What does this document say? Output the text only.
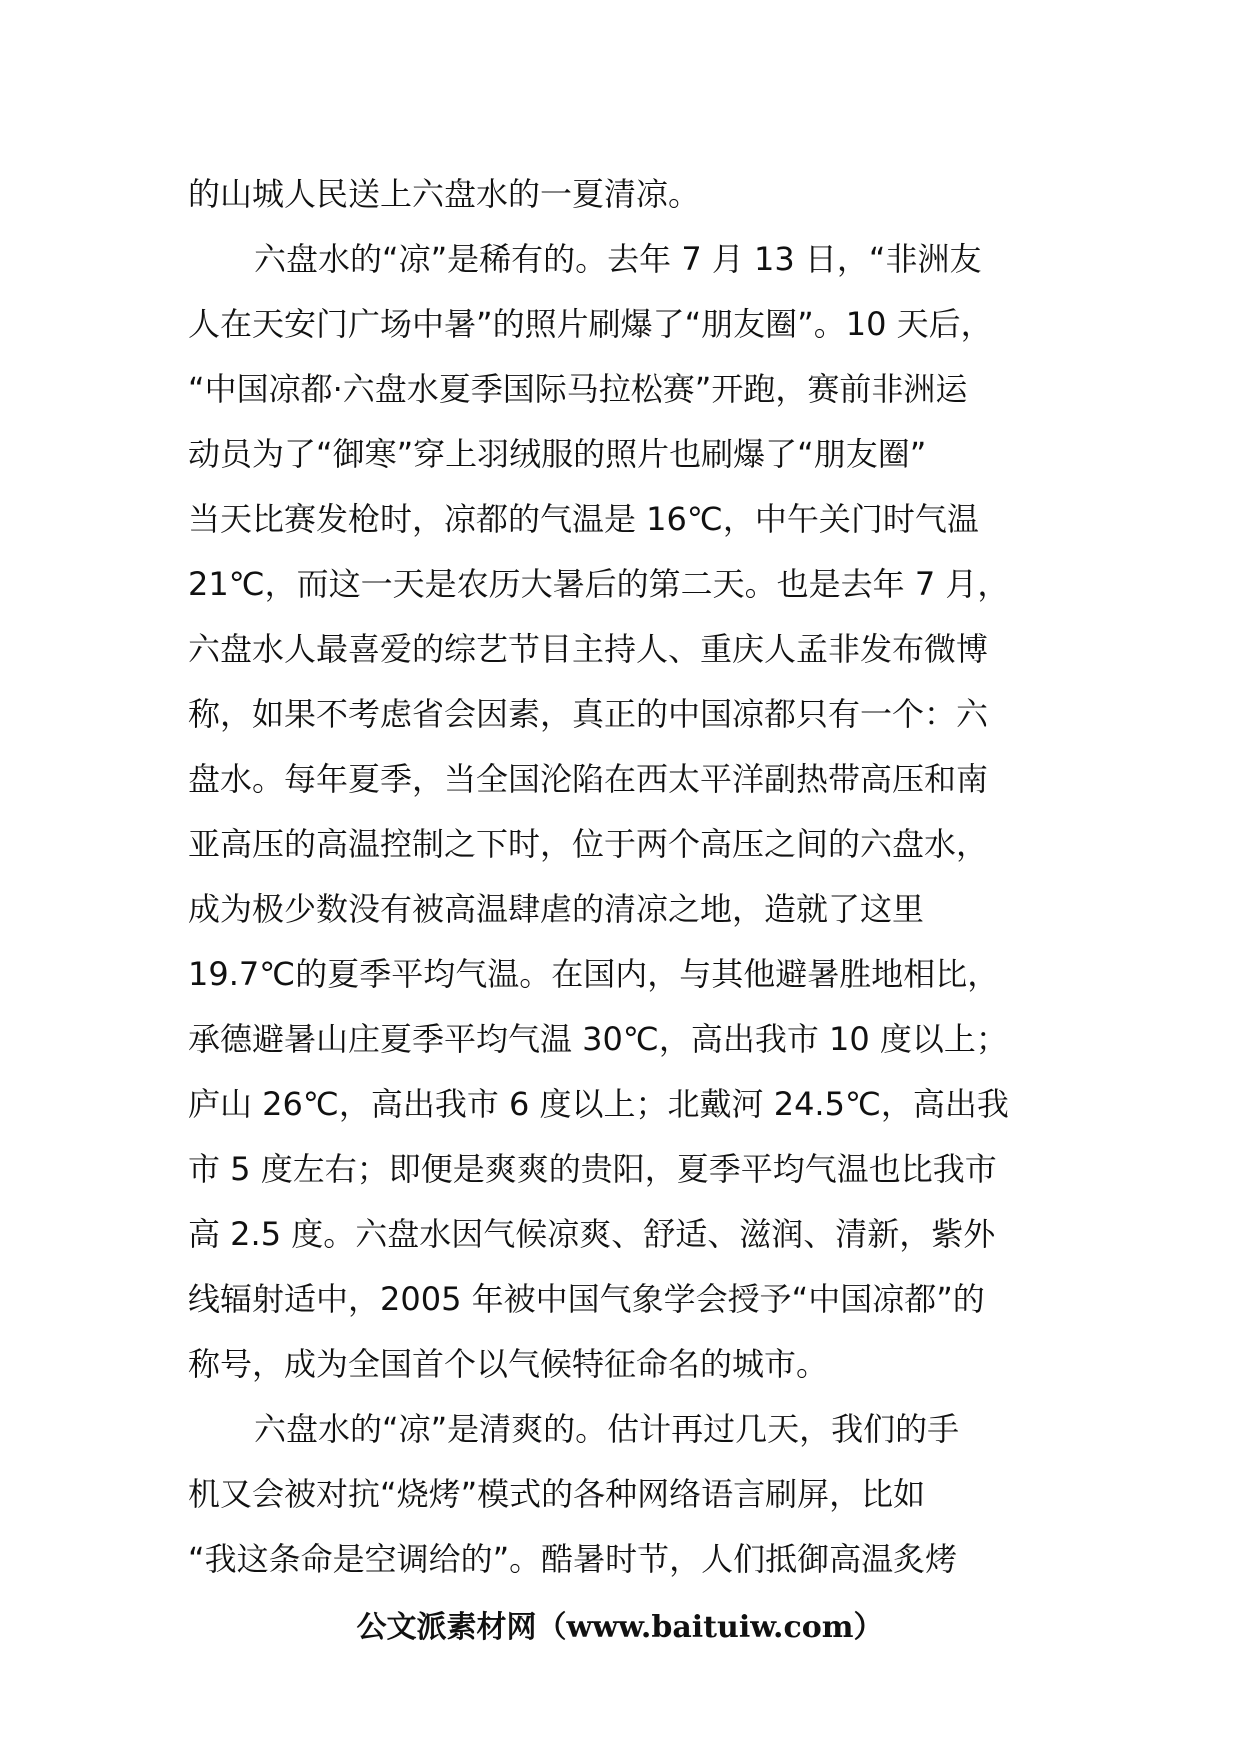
的山城人民送上六盘水的一夏清凉。
六盘水的“凉”是稀有的。去年 7 月 13 日，“非洲友
人在天安门广场中暑”的照片刷爆了“朋友圈”。10 天后，
“中国凉都·六盘水夏季国际马拉松赛”开跑，赛前非洲运
动员为了“御寒”穿上羽绒服的照片也刷爆了“朋友圈”
当天比赛发枪时，凉都的气温是 16℃，中午关门时气温
21℃，而这一天是农历大暑后的第二天。也是去年 7 月，
六盘水人最喜爱的综艺节目主持人、重庆人孟非发布微博
称，如果不考虑省会因素，真正的中国凉都只有一个：六
盘水。每年夏季，当全国沦陷在西太平洋副热带高压和南
亚高压的高温控制之下时，位于两个高压之间的六盘水，
成为极少数没有被高温肆虐的清凉之地，造就了这里
19.7℃的夏季平均气温。在国内，与其他避暑胜地相比，
承德避暑山庄夏季平均气温 30℃，高出我市 10 度以上；
庐山 26℃，高出我市 6 度以上；北戴河 24.5℃，高出我
市 5 度左右；即便是爽爽的贵阳，夏季平均气温也比我市
高 2.5 度。六盘水因气候凉爽、舒适、滋润、清新，紫外
线辐射适中，2005 年被中国气象学会授予“中国凉都”的
称号，成为全国首个以气候特征命名的城市。
六盘水的“凉”是清爽的。估计再过几天，我们的手
机又会被对抗“烧烤”模式的各种网络语言刷屏，比如
“我这条命是空调给的”。酷暑时节，人们抵御高温炙烤
公文派素材网（www.baituiw.com）
